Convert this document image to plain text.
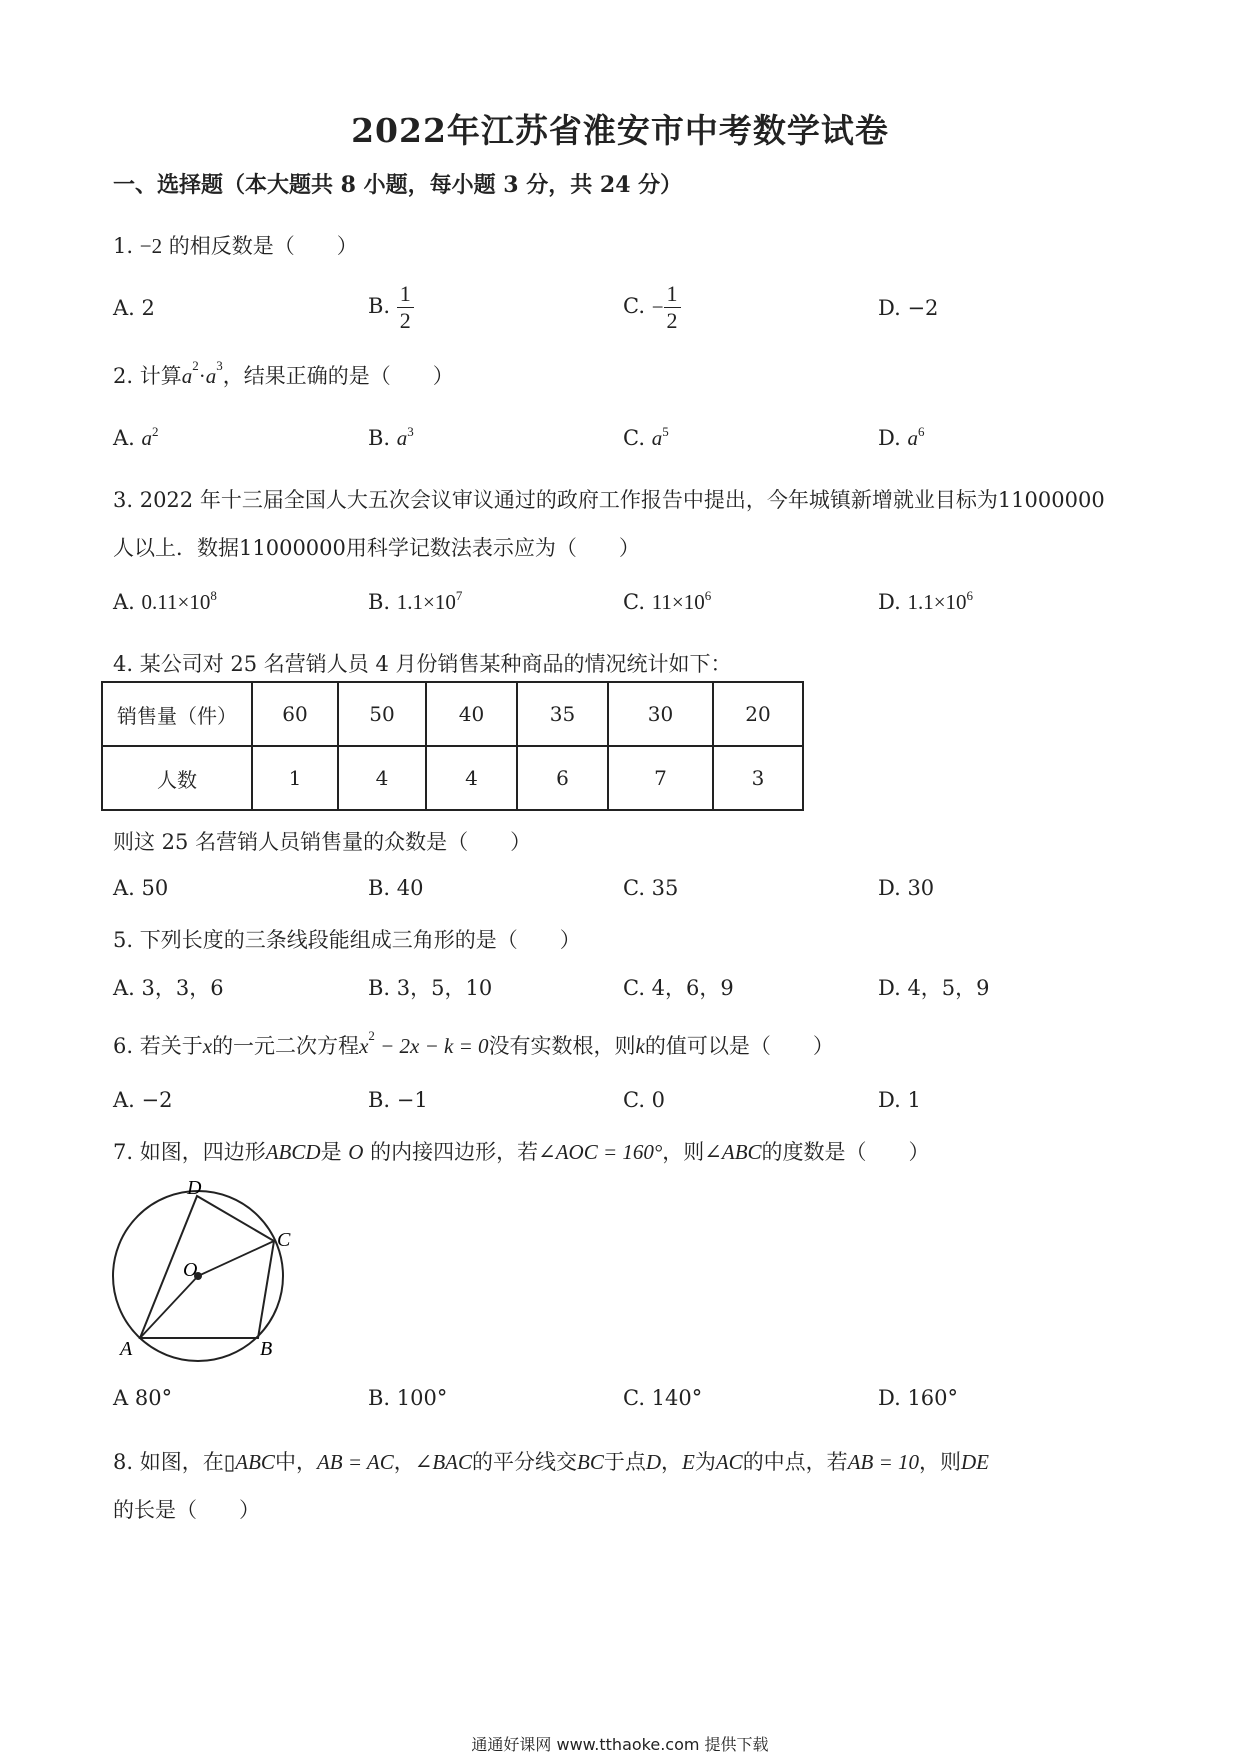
2022年江苏省淮安市中考数学试卷
一、选择题（本大题共 8 小题，每小题 3 分，共 24 分）
1. −2 的相反数是（　　）
A. 2	B. $\frac{1}{2}$	C. − $\frac{1}{2}$	D. −2
2. 计算$a^2\cdot a^3$，结果正确的是（　　）
A. $a^2$	B. $a^3$	C. $a^5$	D. $a^6$
3. 2022 年十三届全国人大五次会议审议通过的政府工作报告中提出，今年城镇新增就业目标为11000000
人以上．数据11000000用科学记数法表示应为（　　）
A. $0.11\times 10^8$	B. $1.1\times 10^7$	C. $11\times 10^6$	D. $1.1\times 10^6$
4. 某公司对 25 名营销人员 4 月份销售某种商品的情况统计如下：
销售量（件）	60	50	40	35	30	20
人数	1	4	4	6	7	3
则这 25 名营销人员销售量的众数是（　　）
A. 50	B. 40	C. 35	D. 30
5. 下列长度的三条线段能组成三角形的是（　　）
A. 3，3，6	B. 3，5，10	C. 4，6，9	D. 4，5，9
6. 若关于x的一元二次方程$x^2 - 2x - k = 0$没有实数根，则k的值可以是（　　）
A. −2	B. −1	C. 0	D. 1
7. 如图，四边形ABCD是 O 的内接四边形，若∠AOC = 160°，则∠ABC的度数是（　　）
D
C
O
A	B
A 80°	B. 100°	C. 140°	D. 160°
8. 如图，在▯ABC中，AB = AC，∠BAC的平分线交BC于点D，E为AC的中点，若AB = 10，则DE
的长是（　　）
通通好课网 www.tthaoke.com 提供下载
